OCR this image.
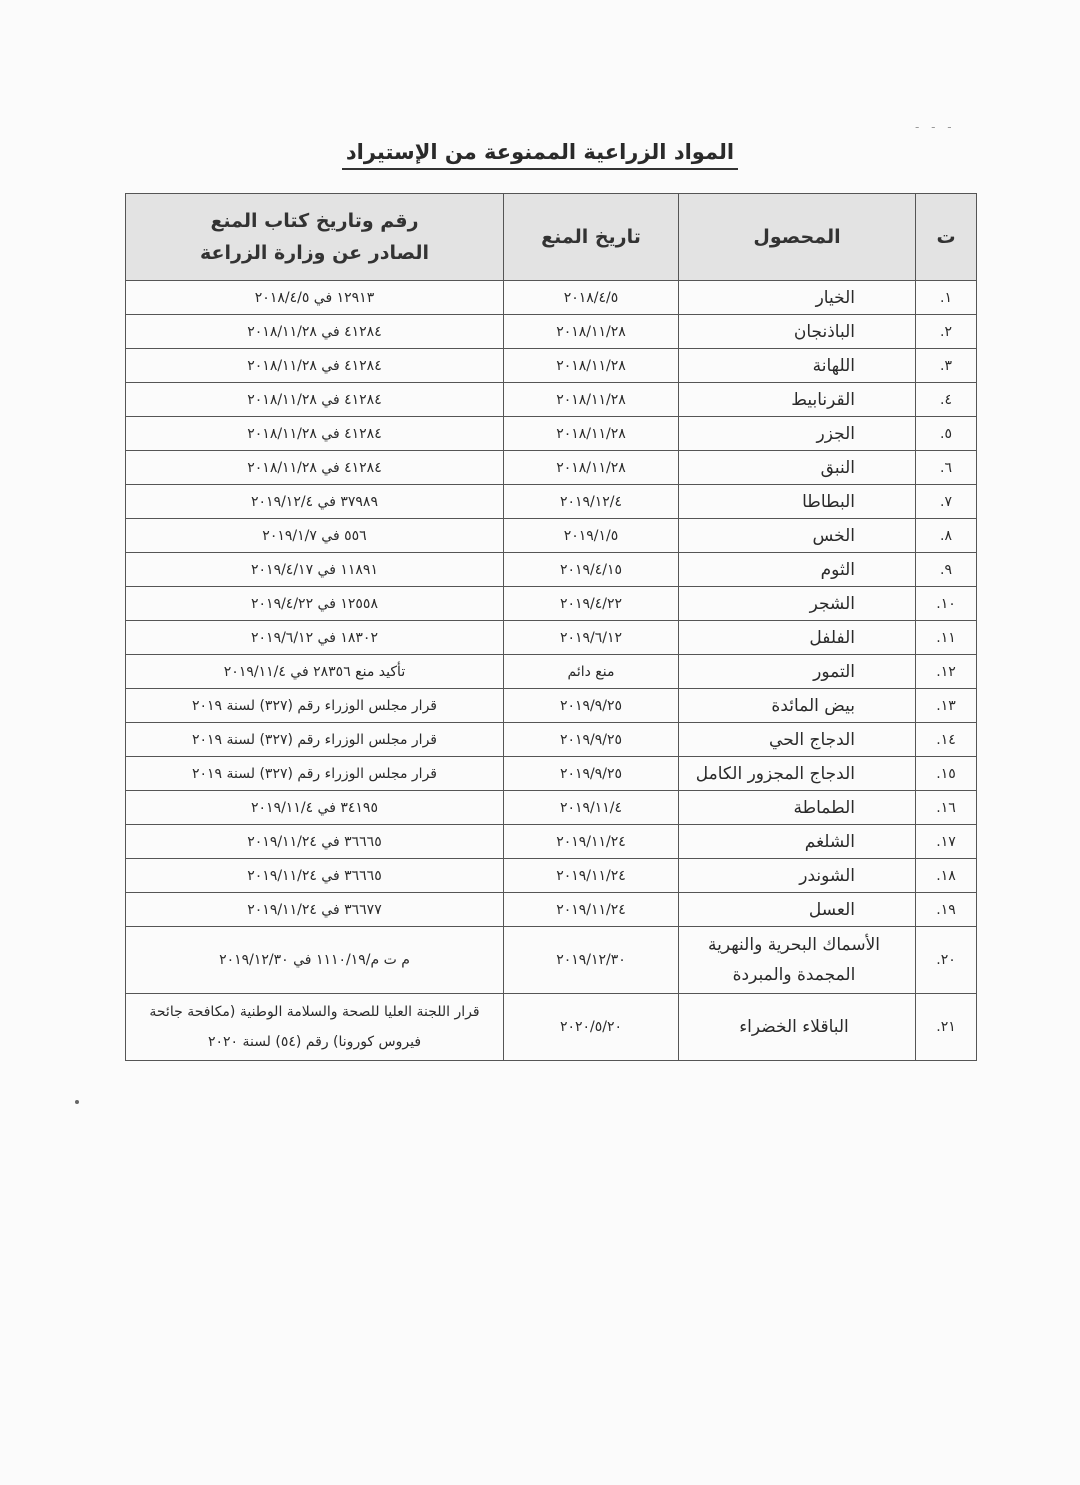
‐ ‐ ‐
المواد الزراعية الممنوعة من الإستيراد
ت	المحصول	تاريخ المنع	رقم وتاريخ كتاب المنع
الصادر عن وزارة الزراعة

١.	الخيار	٢٠١٨/٤/٥	١٢٩١٣ في ٢٠١٨/٤/٥
٢.	الباذنجان	٢٠١٨/١١/٢٨	٤١٢٨٤ في ٢٠١٨/١١/٢٨
٣.	اللهانة	٢٠١٨/١١/٢٨	٤١٢٨٤ في ٢٠١٨/١١/٢٨
٤.	القرنابيط	٢٠١٨/١١/٢٨	٤١٢٨٤ في ٢٠١٨/١١/٢٨
٥.	الجزر	٢٠١٨/١١/٢٨	٤١٢٨٤ في ٢٠١٨/١١/٢٨
٦.	النبق	٢٠١٨/١١/٢٨	٤١٢٨٤ في ٢٠١٨/١١/٢٨
٧.	البطاطا	٢٠١٩/١٢/٤	٣٧٩٨٩ في ٢٠١٩/١٢/٤
٨.	الخس	٢٠١٩/١/٥	٥٥٦ في ٢٠١٩/١/٧
٩.	الثوم	٢٠١٩/٤/١٥	١١٨٩١ في ٢٠١٩/٤/١٧
١٠.	الشجر	٢٠١٩/٤/٢٢	١٢٥٥٨ في ٢٠١٩/٤/٢٢
١١.	الفلفل	٢٠١٩/٦/١٢	١٨٣٠٢ في ٢٠١٩/٦/١٢
١٢.	التمور	منع دائم	تأكيد منع ٢٨٣٥٦ في ٢٠١٩/١١/٤
١٣.	بيض المائدة	٢٠١٩/٩/٢٥	قرار مجلس الوزراء رقم (٣٢٧) لسنة ٢٠١٩
١٤.	الدجاج الحي	٢٠١٩/٩/٢٥	قرار مجلس الوزراء رقم (٣٢٧) لسنة ٢٠١٩
١٥.	الدجاج المجزور الكامل	٢٠١٩/٩/٢٥	قرار مجلس الوزراء رقم (٣٢٧) لسنة ٢٠١٩
١٦.	الطماطة	٢٠١٩/١١/٤	٣٤١٩٥ في ٢٠١٩/١١/٤
١٧.	الشلغم	٢٠١٩/١١/٢٤	٣٦٦٦٥ في ٢٠١٩/١١/٢٤
١٨.	الشوندر	٢٠١٩/١١/٢٤	٣٦٦٦٥ في ٢٠١٩/١١/٢٤
١٩.	العسل	٢٠١٩/١١/٢٤	٣٦٦٧٧ في ٢٠١٩/١١/٢٤
٢٠.	الأسماك البحرية والنهرية المجمدة والمبردة	٢٠١٩/١٢/٣٠	م ت م/١١١٠/١٩ في ٢٠١٩/١٢/٣٠
٢١.	الباقلاء الخضراء	٢٠٢٠/٥/٢٠	قرار اللجنة العليا للصحة والسلامة الوطنية (مكافحة جائحة فيروس كورونا) رقم (٥٤) لسنة ٢٠٢٠
